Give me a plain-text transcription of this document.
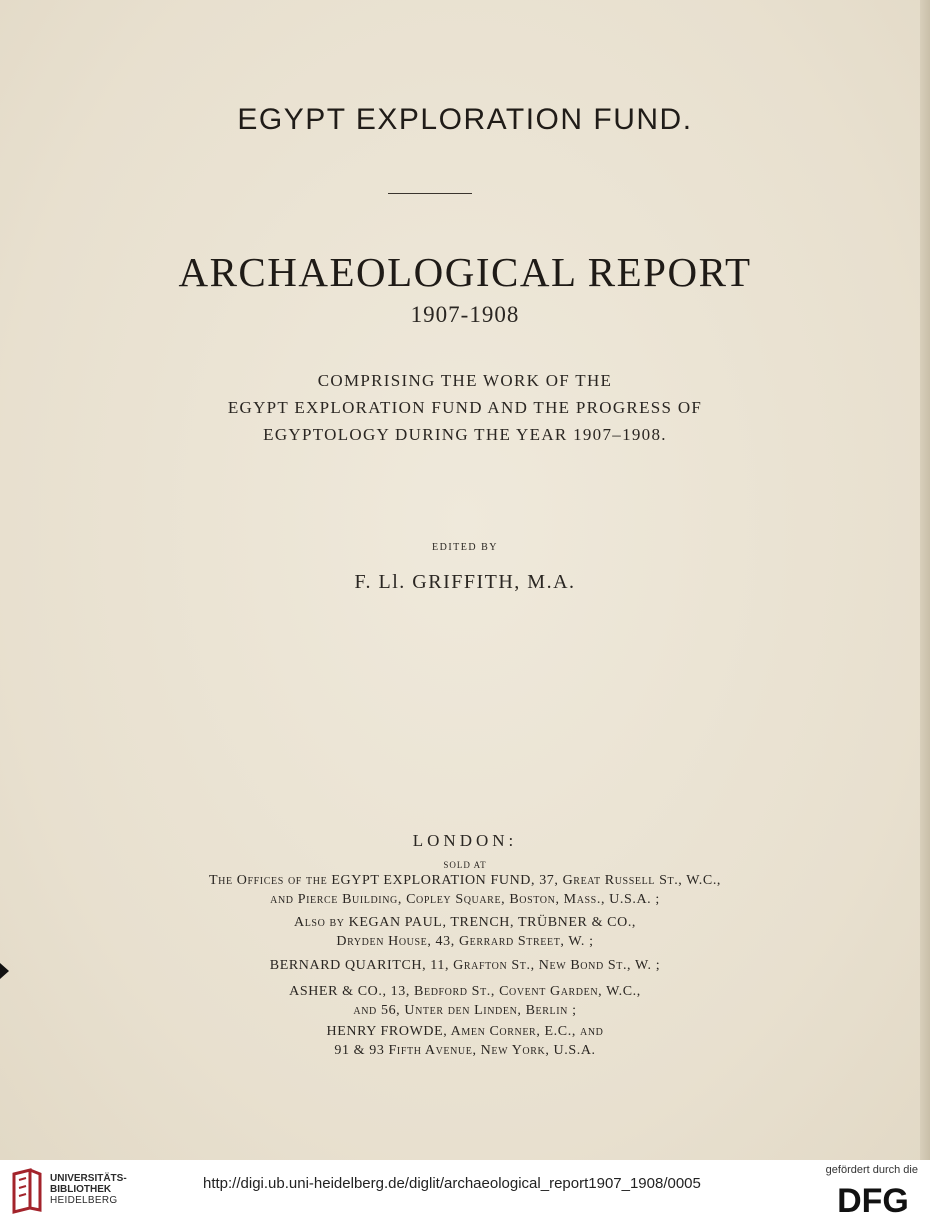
EGYPT EXPLORATION FUND.
ARCHAEOLOGICAL REPORT
1907-1908
COMPRISING THE WORK OF THE
EGYPT EXPLORATION FUND AND THE PROGRESS OF
EGYPTOLOGY DURING THE YEAR 1907–1908.
EDITED BY
F. Ll. GRIFFITH, M.A.
LONDON:
SOLD AT
The Offices of the EGYPT EXPLORATION FUND, 37, Great Russell St., W.C.,
and Pierce Building, Copley Square, Boston, Mass., U.S.A. ;
Also by KEGAN PAUL, TRENCH, TRÜBNER & CO.,
Dryden House, 43, Gerrard Street, W. ;
BERNARD QUARITCH, 11, Grafton St., New Bond St., W. ;
ASHER & CO., 13, Bedford St., Covent Garden, W.C.,
and 56, Unter den Linden, Berlin ;
HENRY FROWDE, Amen Corner, E.C., and
91 & 93 Fifth Avenue, New York, U.S.A.
UNIVERSITÄTS-
BIBLIOTHEK
HEIDELBERG
http://digi.ub.uni-heidelberg.de/diglit/archaeological_report1907_1908/0005
gefördert durch die
DFG
